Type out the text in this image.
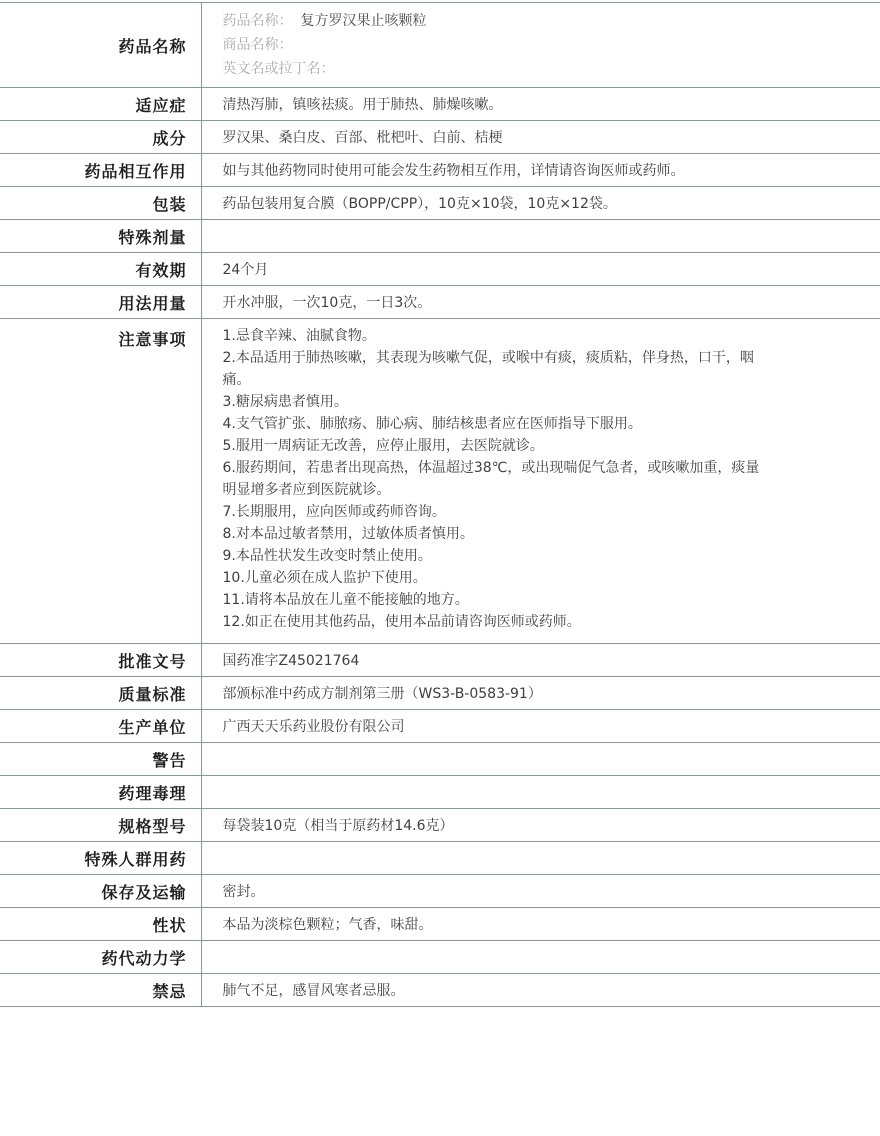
药品名称	药品名称： 复方罗汉果止咳颗粒
商品名称：
英文名或拉丁名：

适应症	清热泻肺，镇咳祛痰。用于肺热、肺燥咳嗽。
成分	罗汉果、桑白皮、百部、枇杷叶、白前、桔梗
药品相互作用	如与其他药物同时使用可能会发生药物相互作用，详情请咨询医师或药师。
包装	药品包装用复合膜（BOPP/CPP），10克×10袋，10克×12袋。
特殊剂量	
有效期	24个月
用法用量	开水冲服，一次10克，一日3次。
注意事项	1.忌食辛辣、油腻食物。
2.本品适用于肺热咳嗽，其表现为咳嗽气促，或喉中有痰，痰质粘，伴身热，口干，咽痛。
3.糖尿病患者慎用。
4.支气管扩张、肺脓疡、肺心病、肺结核患者应在医师指导下服用。
5.服用一周病证无改善，应停止服用，去医院就诊。
6.服药期间，若患者出现高热，体温超过38℃，或出现喘促气急者，或咳嗽加重，痰量明显增多者应到医院就诊。
7.长期服用，应向医师或药师咨询。
8.对本品过敏者禁用，过敏体质者慎用。
9.本品性状发生改变时禁止使用。
10.儿童必须在成人监护下使用。
11.请将本品放在儿童不能接触的地方。
12.如正在使用其他药品，使用本品前请咨询医师或药师。

批准文号	国药准字Z45021764
质量标准	部颁标准中药成方制剂第三册（WS3-B-0583-91）
生产单位	广西天天乐药业股份有限公司
警告	
药理毒理	
规格型号	每袋装10克（相当于原药材14.6克）
特殊人群用药	
保存及运输	密封。
性状	本品为淡棕色颗粒；气香，味甜。
药代动力学	
禁忌	肺气不足，感冒风寒者忌服。
